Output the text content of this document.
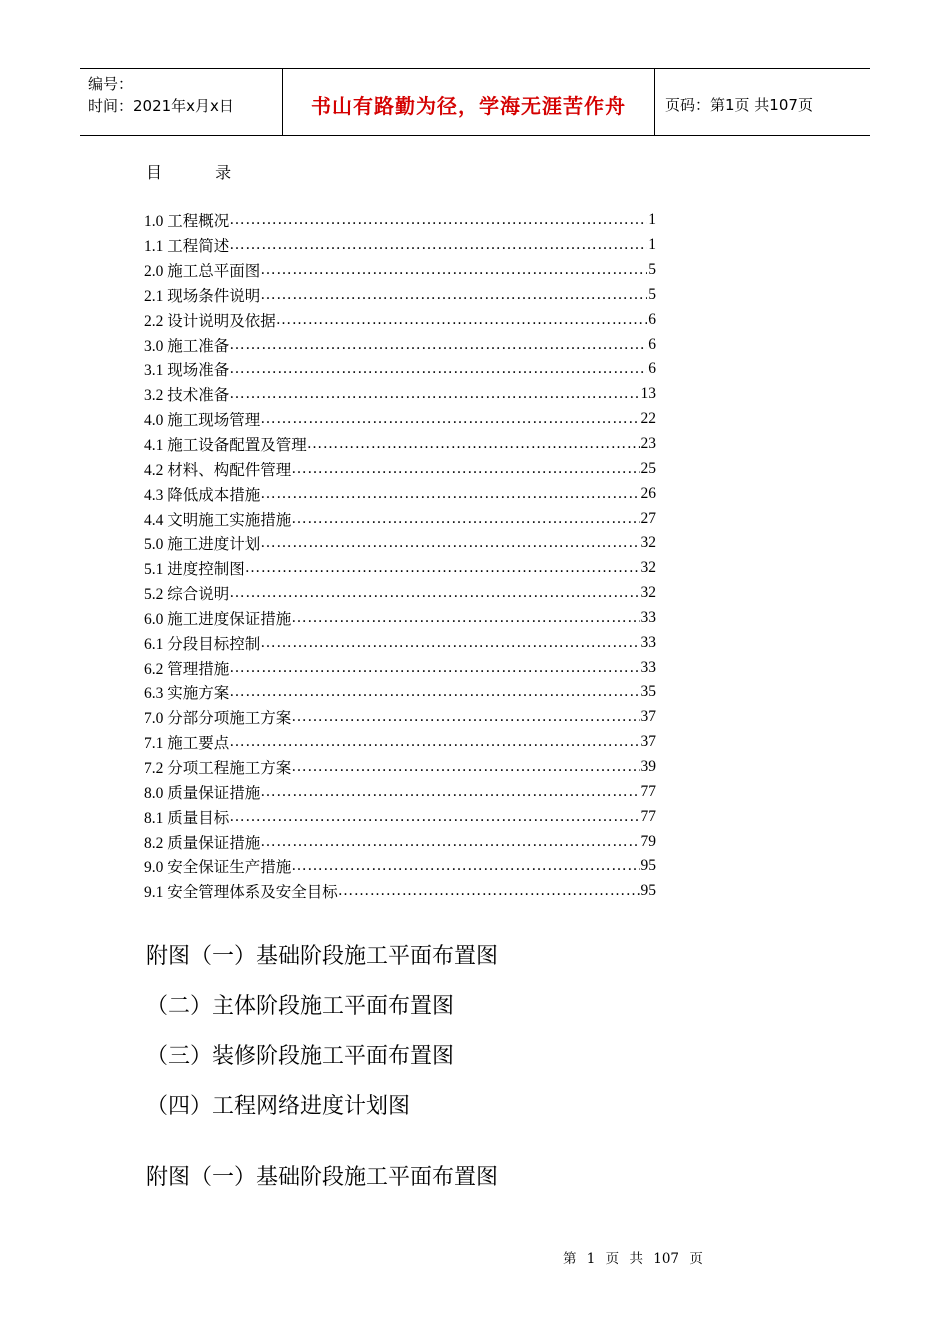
编号：
时间：2021年x月x日	书山有路勤为径，学海无涯苦作舟	页码：第1页 共107页
目 录
1.0 工程概况 …………………………………………………………………………………………………………………………………………………	1
1.1 工程简述 …………………………………………………………………………………………………………………………………………………	1
2.0 施工总平面图 …………………………………………………………………………………………………………………………………………………	5
2.1 现场条件说明 …………………………………………………………………………………………………………………………………………………	5
2.2 设计说明及依据 …………………………………………………………………………………………………………………………………………………	6
3.0 施工准备 …………………………………………………………………………………………………………………………………………………	6
3.1 现场准备 …………………………………………………………………………………………………………………………………………………	6
3.2 技术准备 …………………………………………………………………………………………………………………………………………………	13
4.0 施工现场管理 …………………………………………………………………………………………………………………………………………………	22
4.1 施工设备配置及管理 …………………………………………………………………………………………………………………………………………………	23
4.2 材料、构配件管理 …………………………………………………………………………………………………………………………………………………	25
4.3 降低成本措施 …………………………………………………………………………………………………………………………………………………	26
4.4 文明施工实施措施 …………………………………………………………………………………………………………………………………………………	27
5.0 施工进度计划 …………………………………………………………………………………………………………………………………………………	32
5.1 进度控制图 …………………………………………………………………………………………………………………………………………………	32
5.2 综合说明 …………………………………………………………………………………………………………………………………………………	32
6.0 施工进度保证措施 …………………………………………………………………………………………………………………………………………………	33
6.1 分段目标控制 …………………………………………………………………………………………………………………………………………………	33
6.2 管理措施 …………………………………………………………………………………………………………………………………………………	33
6.3 实施方案 …………………………………………………………………………………………………………………………………………………	35
7.0 分部分项施工方案 …………………………………………………………………………………………………………………………………………………	37
7.1 施工要点 …………………………………………………………………………………………………………………………………………………	37
7.2 分项工程施工方案 …………………………………………………………………………………………………………………………………………………	39
8.0 质量保证措施 …………………………………………………………………………………………………………………………………………………	77
8.1 质量目标 …………………………………………………………………………………………………………………………………………………	77
8.2 质量保证措施 …………………………………………………………………………………………………………………………………………………	79
9.0 安全保证生产措施 …………………………………………………………………………………………………………………………………………………	95
9.1 安全管理体系及安全目标 …………………………………………………………………………………………………………………………………………………	95
附图（一）基础阶段施工平面布置图
（二）主体阶段施工平面布置图
（三）装修阶段施工平面布置图
（四）工程网络进度计划图
附图（一）基础阶段施工平面布置图
第 1 页 共 107 页
